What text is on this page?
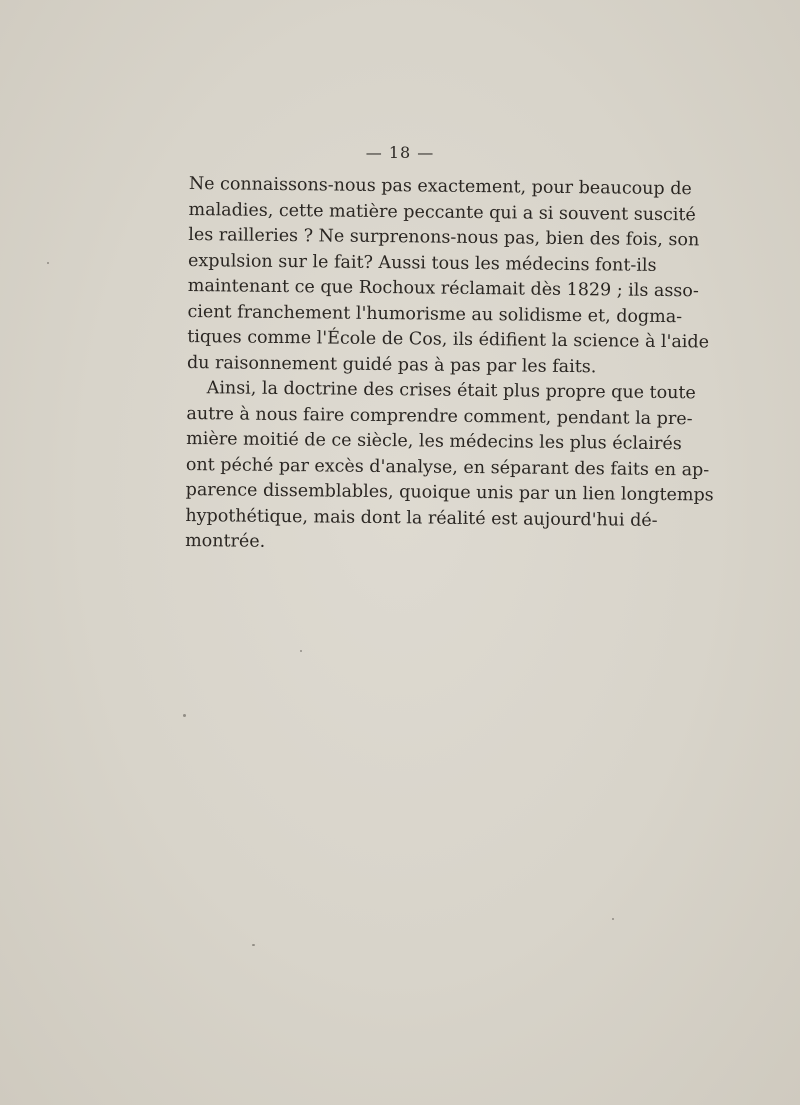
— 18 —
Ne connaissons-nous pas exactement, pour beaucoup de
maladies, cette matière peccante qui a si souvent suscité
les railleries ? Ne surprenons-nous pas, bien des fois, son
expulsion sur le fait? Aussi tous les médecins font-ils
maintenant ce que Rochoux réclamait dès 1829 ; ils asso-
cient franchement l'humorisme au solidisme et, dogma-
tiques comme l'École de Cos, ils édifient la science à l'aide
du raisonnement guidé pas à pas par les faits.
Ainsi, la doctrine des crises était plus propre que toute
autre à nous faire comprendre comment, pendant la pre-
mière moitié de ce siècle, les médecins les plus éclairés
ont péché par excès d'analyse, en séparant des faits en ap-
parence dissemblables, quoique unis par un lien longtemps
hypothétique, mais dont la réalité est aujourd'hui dé-
montrée.
